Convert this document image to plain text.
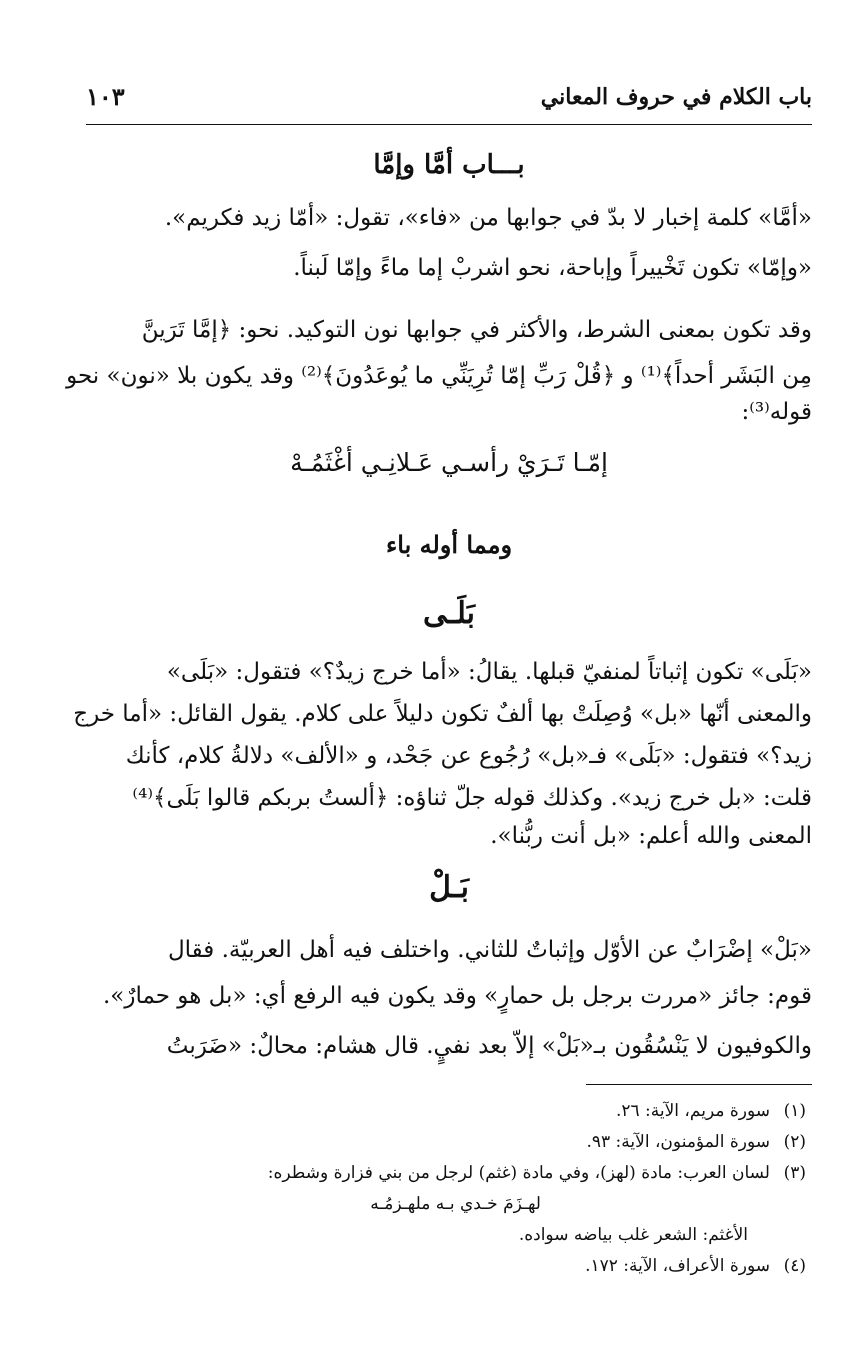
باب الكلام في حروف المعاني
١٠٣
بـــاب أمَّا وإمَّا
«أمَّا» كلمة إخبار لا بدّ في جوابها من «فاء»، تقول: «أمّا زيد فكريم».
«وإمّا» تكون تَخْييراً وإباحة، نحو اشربْ إما ماءً وإمّا لَبناً.
وقد تكون بمعنى الشرط، والأكثر في جوابها نون التوكيد. نحو: ﴿إمَّا تَرَينَّ
مِن البَشَر أحداً﴾⁽¹⁾ و ﴿قُلْ رَبِّ إمّا تُرِيَنِّي ما يُوعَدُونَ﴾⁽²⁾ وقد يكون بلا «نون» نحو
قوله⁽³⁾:
إمّـا تَـرَيْ رأسـي عَـلانِـي أغْثَمُـهْ
ومما أوله باء
بَلَـى
«بَلَى» تكون إثباتاً لمنفيّ قبلها. يقالُ: «أما خرج زيدٌ؟» فتقول: «بَلَى»
والمعنى أنّها «بل» وُصِلَتْ بها ألفٌ تكون دليلاً على كلام. يقول القائل: «أما خرج
زيد؟» فتقول: «بَلَى» فـ«بل» رُجُوع عن جَحْد، و «الألف» دلالةُ كلام، كأنك
قلت: «بل خرج زيد». وكذلك قوله جلّ ثناؤه: ﴿ألستُ بربكم قالوا بَلَى﴾⁽⁴⁾
المعنى والله أعلم: «بل أنت ربُّنا».
بَـلْ
«بَلْ» إضْرَابٌ عن الأوّل وإثباتٌ للثاني. واختلف فيه أهل العربيّة. فقال
قوم: جائز «مررت برجل بل حمارٍ» وقد يكون فيه الرفع أي: «بل هو حمارٌ».
والكوفيون لا يَنْسُقُون بـ«بَلْ» إلاّ بعد نفيٍ. قال هشام: محالٌ: «ضَرَبتُ
(١)سورة مريم، الآية: ٢٦.
(٢)سورة المؤمنون، الآية: ٩٣.
(٣)لسان العرب: مادة (لهز)، وفي مادة (غثم) لرجل من بني فزارة وشطره:
لهـزَمَ خـدي بـه ملهـزمُـه
الأغثم: الشعر غلب بياضه سواده.
(٤)سورة الأعراف، الآية: ١٧٢.
